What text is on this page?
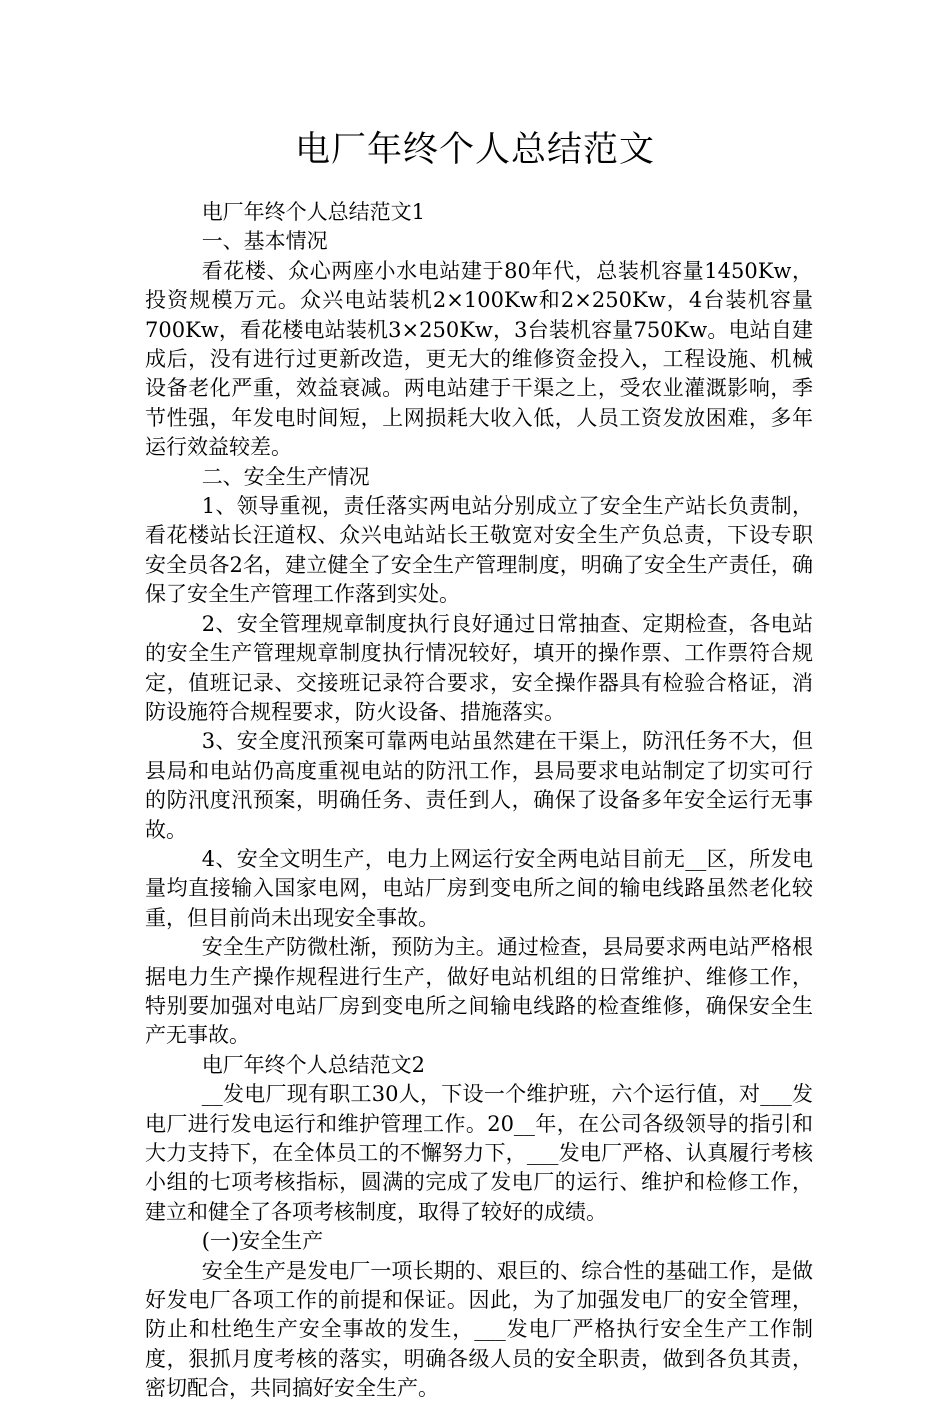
电厂年终个人总结范文

电厂年终个人总结范文1

一、基本情况

看花楼、众心两座小水电站建于80年代，总装机容量1450Kw，投资规模万元。众兴电站装机2×100Kw和2×250Kw，4台装机容量700Kw，看花楼电站装机3×250Kw，3台装机容量750Kw。电站自建成后，没有进行过更新改造，更无大的维修资金投入，工程设施、机械设备老化严重，效益衰减。两电站建于干渠之上，受农业灌溉影响，季节性强，年发电时间短，上网损耗大收入低，人员工资发放困难，多年运行效益较差。

二、安全生产情况

1、领导重视，责任落实两电站分别成立了安全生产站长负责制，看花楼站长汪道权、众兴电站站长王敬宽对安全生产负总责，下设专职安全员各2名，建立健全了安全生产管理制度，明确了安全生产责任，确保了安全生产管理工作落到实处。

2、安全管理规章制度执行良好通过日常抽查、定期检查，各电站的安全生产管理规章制度执行情况较好，填开的操作票、工作票符合规定，值班记录、交接班记录符合要求，安全操作器具有检验合格证，消防设施符合规程要求，防火设备、措施落实。

3、安全度汛预案可靠两电站虽然建在干渠上，防汛任务不大，但县局和电站仍高度重视电站的防汛工作，县局要求电站制定了切实可行的防汛度汛预案，明确任务、责任到人，确保了设备多年安全运行无事故。

4、安全文明生产，电力上网运行安全两电站目前无__区，所发电量均直接输入国家电网，电站厂房到变电所之间的输电线路虽然老化较重，但目前尚未出现安全事故。

安全生产防微杜渐，预防为主。通过检查，县局要求两电站严格根据电力生产操作规程进行生产，做好电站机组的日常维护、维修工作，特别要加强对电站厂房到变电所之间输电线路的检查维修，确保安全生产无事故。

电厂年终个人总结范文2

__发电厂现有职工30人，下设一个维护班，六个运行值，对___发电厂进行发电运行和维护管理工作。20__年，在公司各级领导的指引和大力支持下，在全体员工的不懈努力下，___发电厂严格、认真履行考核小组的七项考核指标，圆满的完成了发电厂的运行、维护和检修工作，建立和健全了各项考核制度，取得了较好的成绩。

(一)安全生产

安全生产是发电厂一项长期的、艰巨的、综合性的基础工作，是做好发电厂各项工作的前提和保证。因此，为了加强发电厂的安全管理，防止和杜绝生产安全事故的发生，___发电厂严格执行安全生产工作制度，狠抓月度考核的落实，明确各级人员的安全职责，做到各负其责，密切配合，共同搞好安全生产。
